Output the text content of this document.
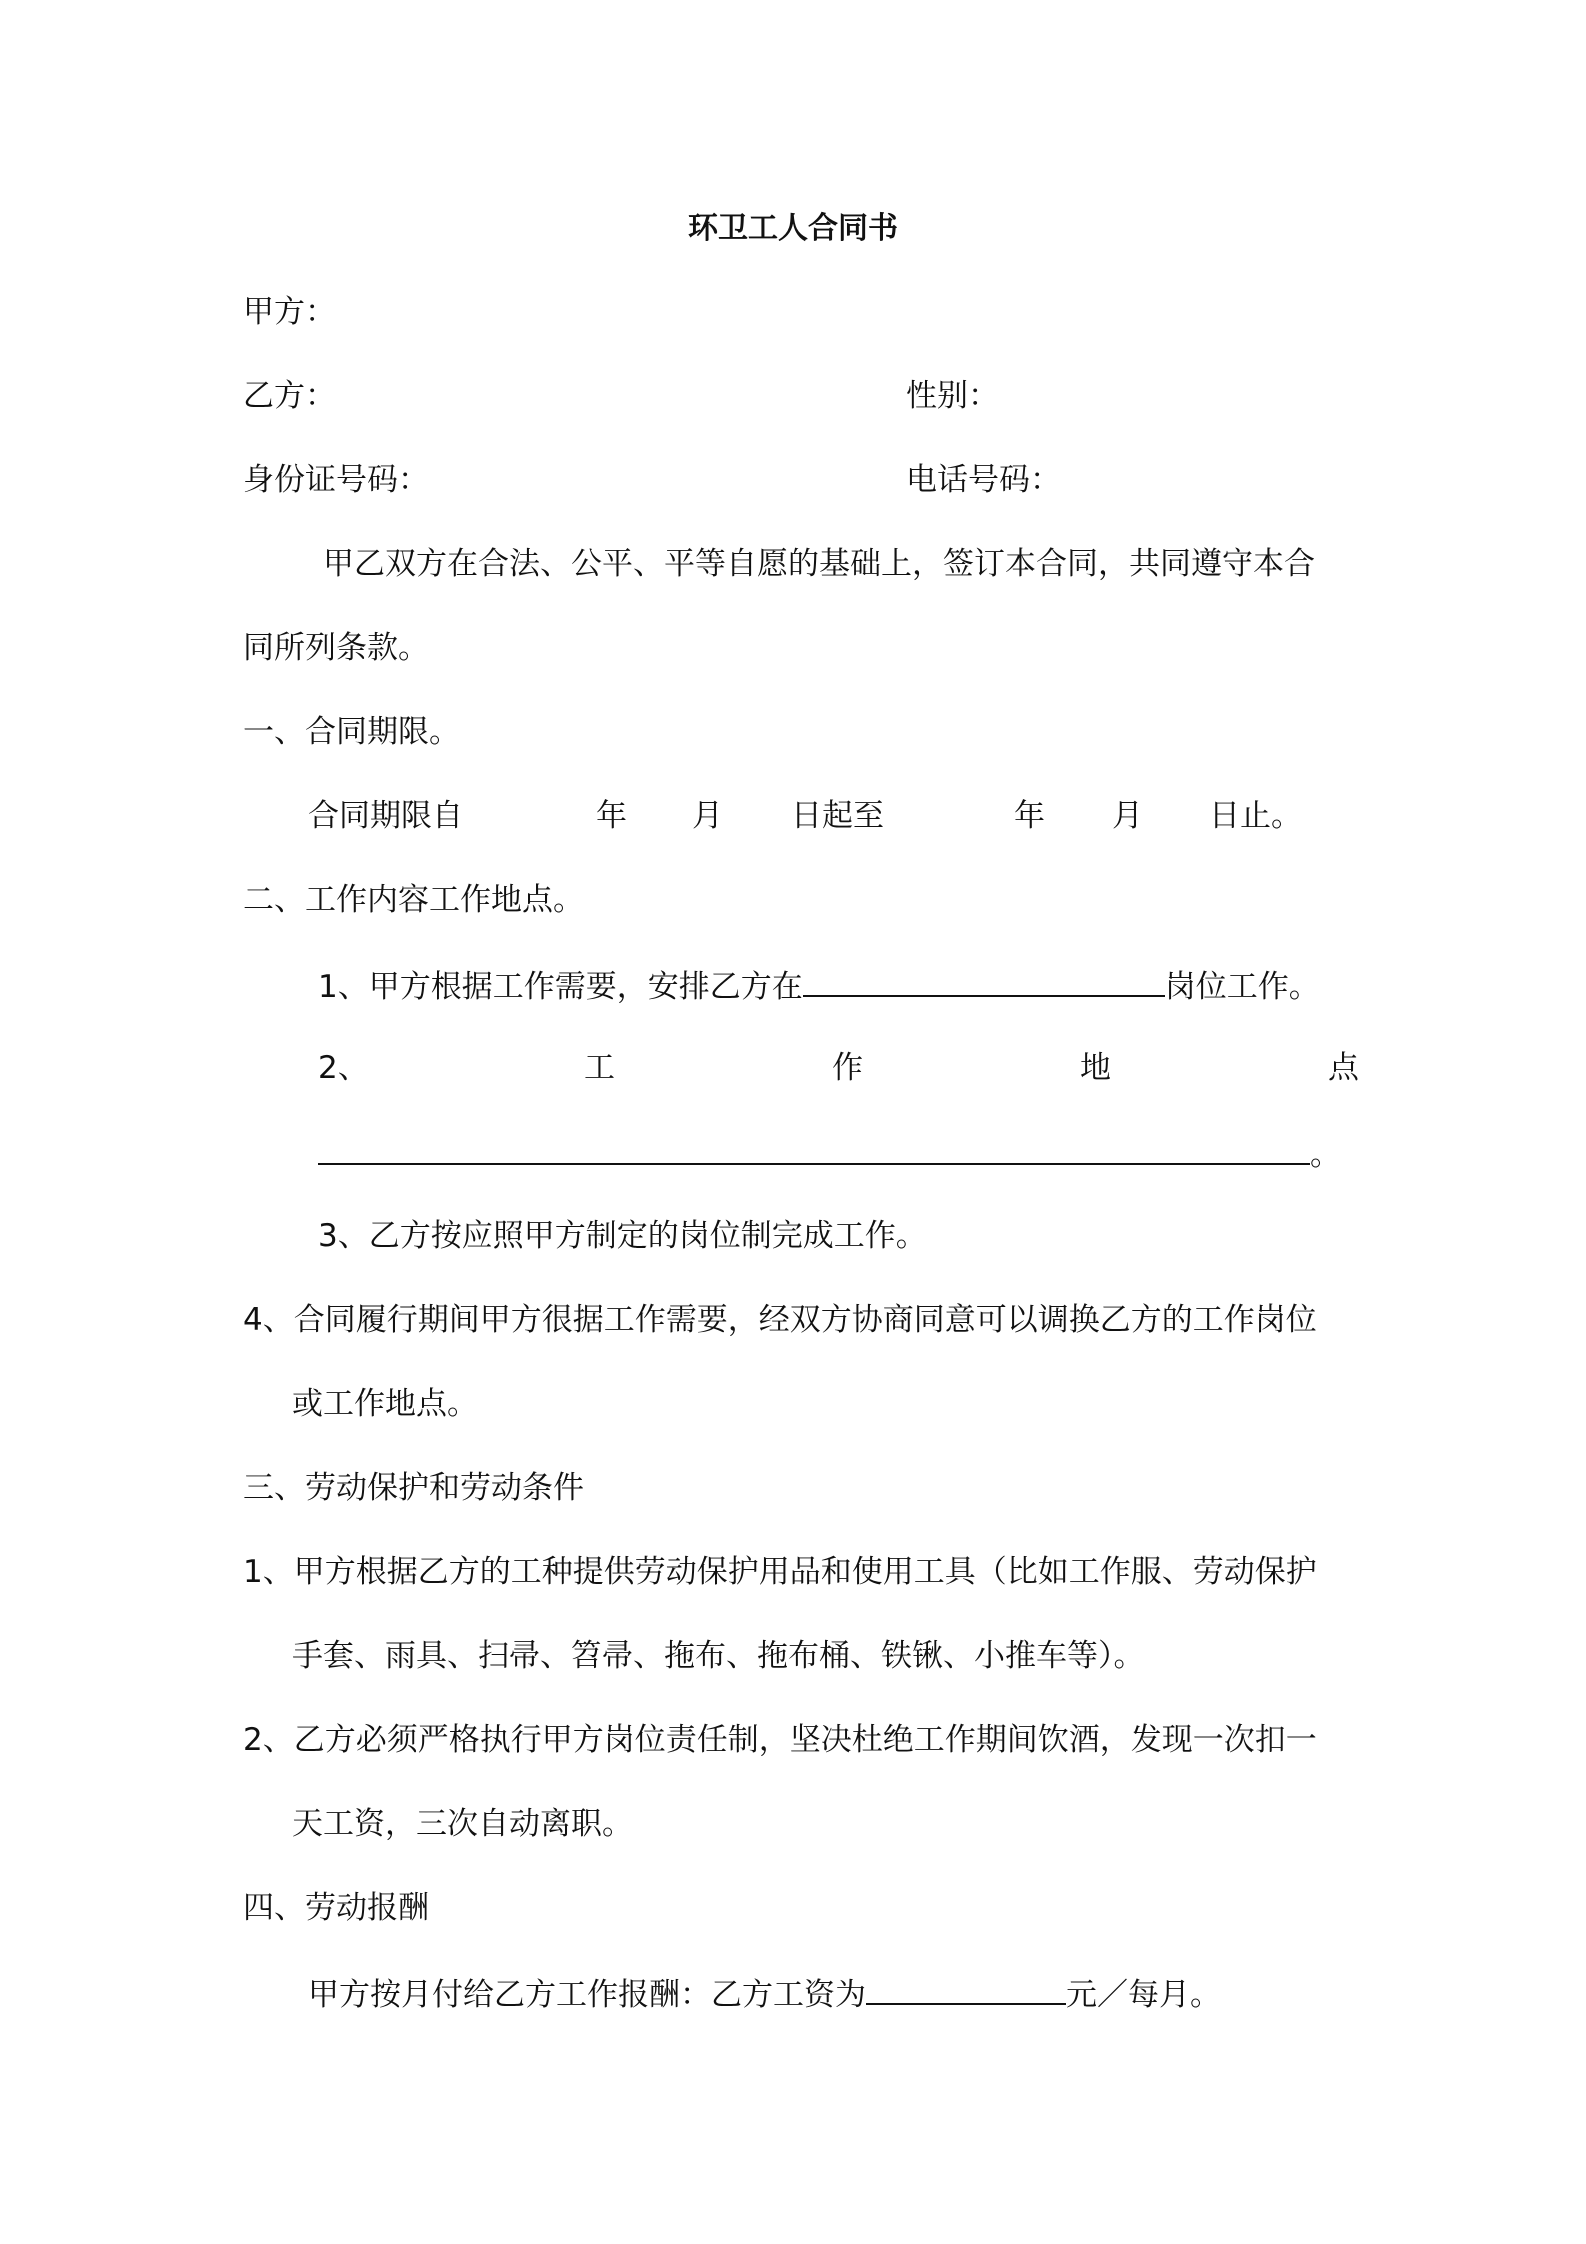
环卫工人合同书
甲方：
乙方：	性别：
身份证号码：	电话号码：
甲乙双方在合法、公平、平等自愿的基础上，签订本合同，共同遵守本合
同所列条款。
一、合同期限。
合同期限自	年 月 日起至	年 月 日止。
二、工作内容工作地点。
1、甲方根据工作需要，安排乙方在	岗位工作。
2、	工	作	地	点
。
3、乙方按应照甲方制定的岗位制完成工作。
4、合同履行期间甲方很据工作需要，经双方协商同意可以调换乙方的工作岗位
或工作地点。
三、劳动保护和劳动条件
1、甲方根据乙方的工种提供劳动保护用品和使用工具（比如工作服、劳动保护
手套、雨具、扫帚、笤帚、拖布、拖布桶、铁锹、小推车等）。
2、乙方必须严格执行甲方岗位责任制，坚决杜绝工作期间饮酒，发现一次扣一
天工资，三次自动离职。
四、劳动报酬
甲方按月付给乙方工作报酬：乙方工资为	元／每月。
